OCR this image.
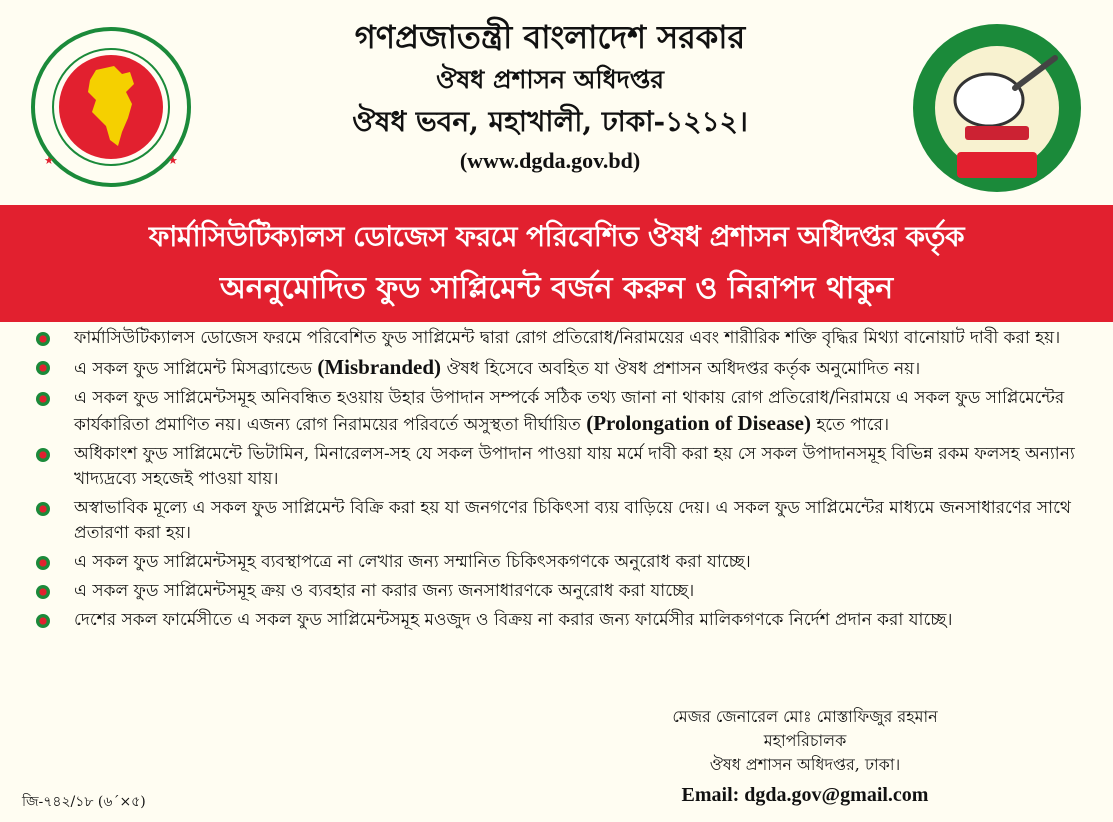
★	★
গণপ্রজাতন্ত্রী বাংলাদেশ সরকার
ঔষধ প্রশাসন অধিদপ্তর
ঔষধ ভবন, মহাখালী, ঢাকা-১২১২।
(www.dgda.gov.bd)
ফার্মাসিউটিক্যালস ডোজেস ফরমে পরিবেশিত ঔষধ প্রশাসন অধিদপ্তর কর্তৃক
অননুমোদিত ফুড সাপ্লিমেন্ট বর্জন করুন ও নিরাপদ থাকুন
ফার্মাসিউটিক্যালস ডোজেস ফরমে পরিবেশিত ফুড সাপ্লিমেন্ট দ্বারা রোগ প্রতিরোধ/নিরাময়ের এবং শারীরিক শক্তি বৃদ্ধির মিথ্যা বানোয়াট দাবী করা হয়।
এ সকল ফুড সাপ্লিমেন্ট মিসব্র্যান্ডেড (Misbranded) ঔষধ হিসেবে অবহিত যা ঔষধ প্রশাসন অধিদপ্তর কর্তৃক অনুমোদিত নয়।
এ সকল ফুড সাপ্লিমেন্টসমূহ অনিবন্ধিত হওয়ায় উহার উপাদান সম্পর্কে সঠিক তথ্য জানা না থাকায় রোগ প্রতিরোধ/নিরাময়ে এ সকল ফুড সাপ্লিমেন্টের কার্যকারিতা প্রমাণিত নয়। এজন্য রোগ নিরাময়ের পরিবর্তে অসুস্থতা দীর্ঘায়িত (Prolongation of Disease) হতে পারে।
অধিকাংশ ফুড সাপ্লিমেন্টে ভিটামিন, মিনারেলস-সহ যে সকল উপাদান পাওয়া যায় মর্মে দাবী করা হয় সে সকল উপাদানসমূহ বিভিন্ন রকম ফলসহ অন্যান্য খাদ্যদ্রব্যে সহজেই পাওয়া যায়।
অস্বাভাবিক মূল্যে এ সকল ফুড সাপ্লিমেন্ট বিক্রি করা হয় যা জনগণের চিকিৎসা ব্যয় বাড়িয়ে দেয়। এ সকল ফুড সাপ্লিমেন্টের মাধ্যমে জনসাধারণের সাথে প্রতারণা করা হয়।
এ সকল ফুড সাপ্লিমেন্টসমূহ ব্যবস্থাপত্রে না লেখার জন্য সম্মানিত চিকিৎসকগণকে অনুরোধ করা যাচ্ছে।
এ সকল ফুড সাপ্লিমেন্টসমূহ ক্রয় ও ব্যবহার না করার জন্য জনসাধারণকে অনুরোধ করা যাচ্ছে।
দেশের সকল ফার্মেসীতে এ সকল ফুড সাপ্লিমেন্টসমূহ মওজুদ ও বিক্রয় না করার জন্য ফার্মেসীর মালিকগণকে নির্দেশ প্রদান করা যাচ্ছে।
মেজর জেনারেল মোঃ মোস্তাফিজুর রহমান
মহাপরিচালক
ঔষধ প্রশাসন অধিদপ্তর, ঢাকা।
Email: dgda.gov@gmail.com
জি-৭৪২/১৮ (৬´×৫)
